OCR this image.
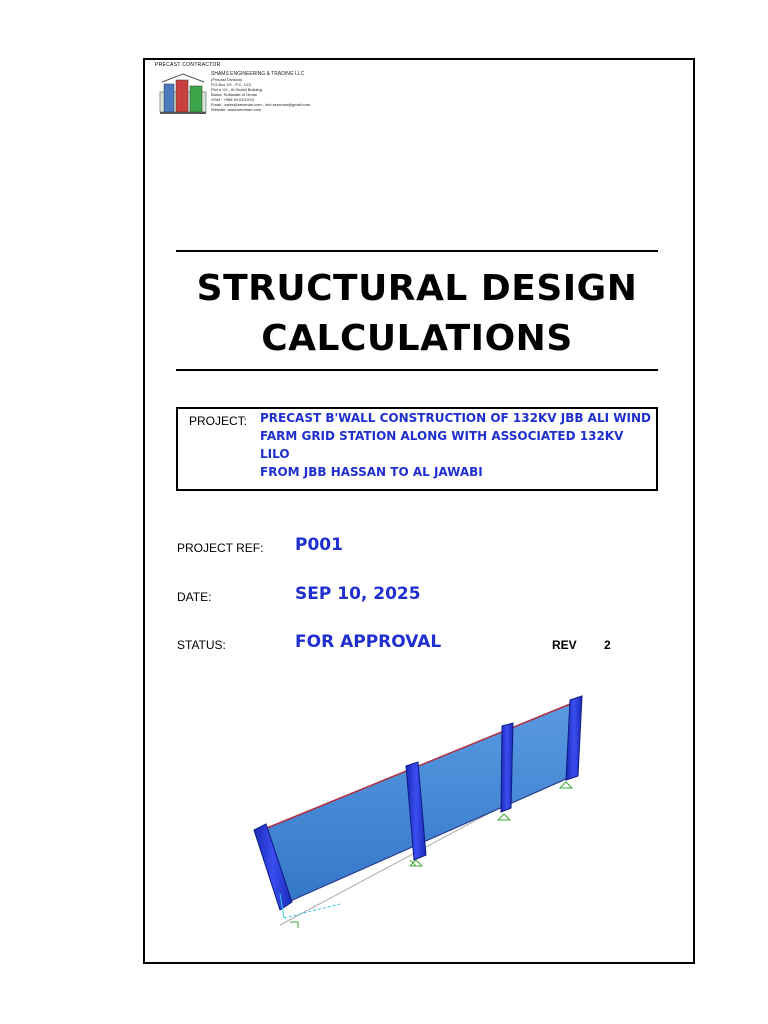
PRECAST CONTRACTOR
SHAMS ENGINEERING & TRADING LLC
(Precast Division)
P.O.Box XX - P.C. 1XX
Plot # XX , Al Khabil Building
Barka, Sultanate of Oman
GSM : +968 9XXXXXXX
Email : sales@setoman.com ; info.setoman@gmail.com
Website: www.setoman.com
STRUCTURAL DESIGN
CALCULATIONS
PROJECT: PRECAST B'WALL CONSTRUCTION OF 132KV JBB ALI WIND
FARM GRID STATION ALONG WITH ASSOCIATED 132KV LILO
FROM JBB HASSAN TO AL JAWABI
PROJECT REF: P001
DATE:	SEP 10, 2025
STATUS:	FOR APPROVAL	REV 2
